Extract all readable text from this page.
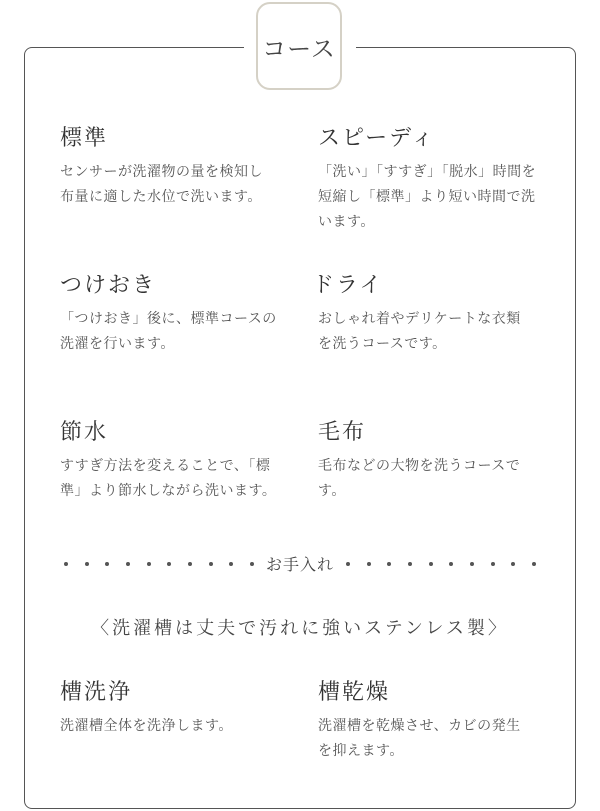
コース
標準

センサーが洗濯物の量を検知し
布量に適した水位で洗います。

スピーディ

「洗い」「すすぎ」「脱水」時間を
短縮し「標準」より短い時間で洗
います。

つけおき

「つけおき」後に、標準コースの
洗濯を行います。

ドライ

おしゃれ着やデリケートな衣類
を洗うコースです。

節水

すすぎ方法を変えることで、「標
準」より節水しながら洗います。

毛布

毛布などの大物を洗うコースで
す。

お手入れ
〈洗濯槽は丈夫で汚れに強いステンレス製〉
槽洗浄

洗濯槽全体を洗浄します。

槽乾燥

洗濯槽を乾燥させ、カビの発生
を抑えます。
